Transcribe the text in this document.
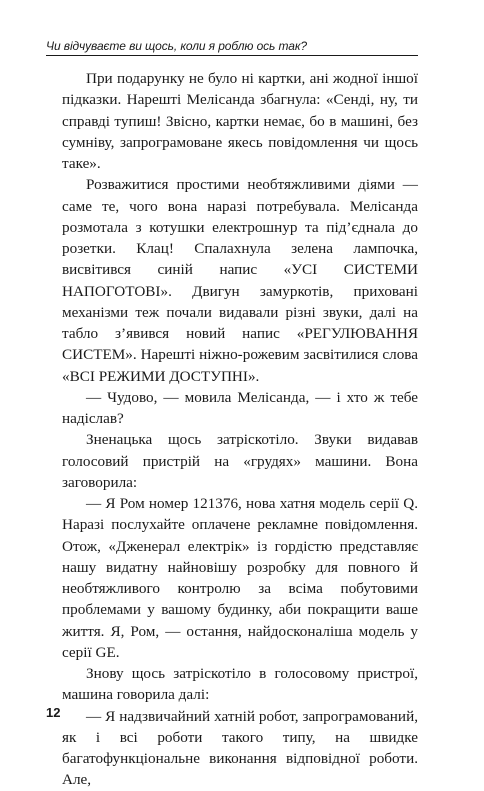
Чи відчуваєте ви щось, коли я роблю ось так?

При подарунку не було ні картки, ані жодної іншої підказки. Нарешті Мелісанда збагнула: «Сенді, ну, ти справді тупиш! Звісно, картки немає, бо в машині, без сумніву, запрограмоване якесь повідомлення чи щось таке».

Розважитися простими необтяжливими діями — саме те, чого вона наразі потребувала. Мелісанда розмотала з котушки електрошнур та під’єднала до розетки. Клац! Спалахнула зелена лампочка, висвітився синій напис «УСІ СИСТЕМИ НАПОГОТОВІ». Двигун замуркотів, приховані механізми теж почали видавали різні звуки, далі на табло з’явився новий напис «РЕГУЛЮВАННЯ СИСТЕМ». Нарешті ніжно-рожевим засвітилися слова «ВСІ РЕЖИМИ ДОСТУПНІ».

— Чудово, — мовила Мелісанда, — і хто ж тебе надіслав?

Зненацька щось затріскотіло. Звуки видавав голосовий пристрій на «грудях» машини. Вона заговорила:

— Я Ром номер 121376, нова хатня модель серії Q. Наразі послухайте оплачене рекламне повідомлення. Отож, «Дженерал електрік» із гордістю представляє нашу видатну найновішу розробку для повного й необтяжливого контролю за всіма побутовими проблемами у вашому будинку, аби покращити ваше життя. Я, Ром, — остання, найдосконаліша модель у серії GE.

Знову щось затріскотіло в голосовому пристрої, машина говорила далі:

— Я надзвичайний хатній робот, запрограмований, як і всі роботи такого типу, на швидке багатофункціональне виконання відповідної роботи. Але,

12
